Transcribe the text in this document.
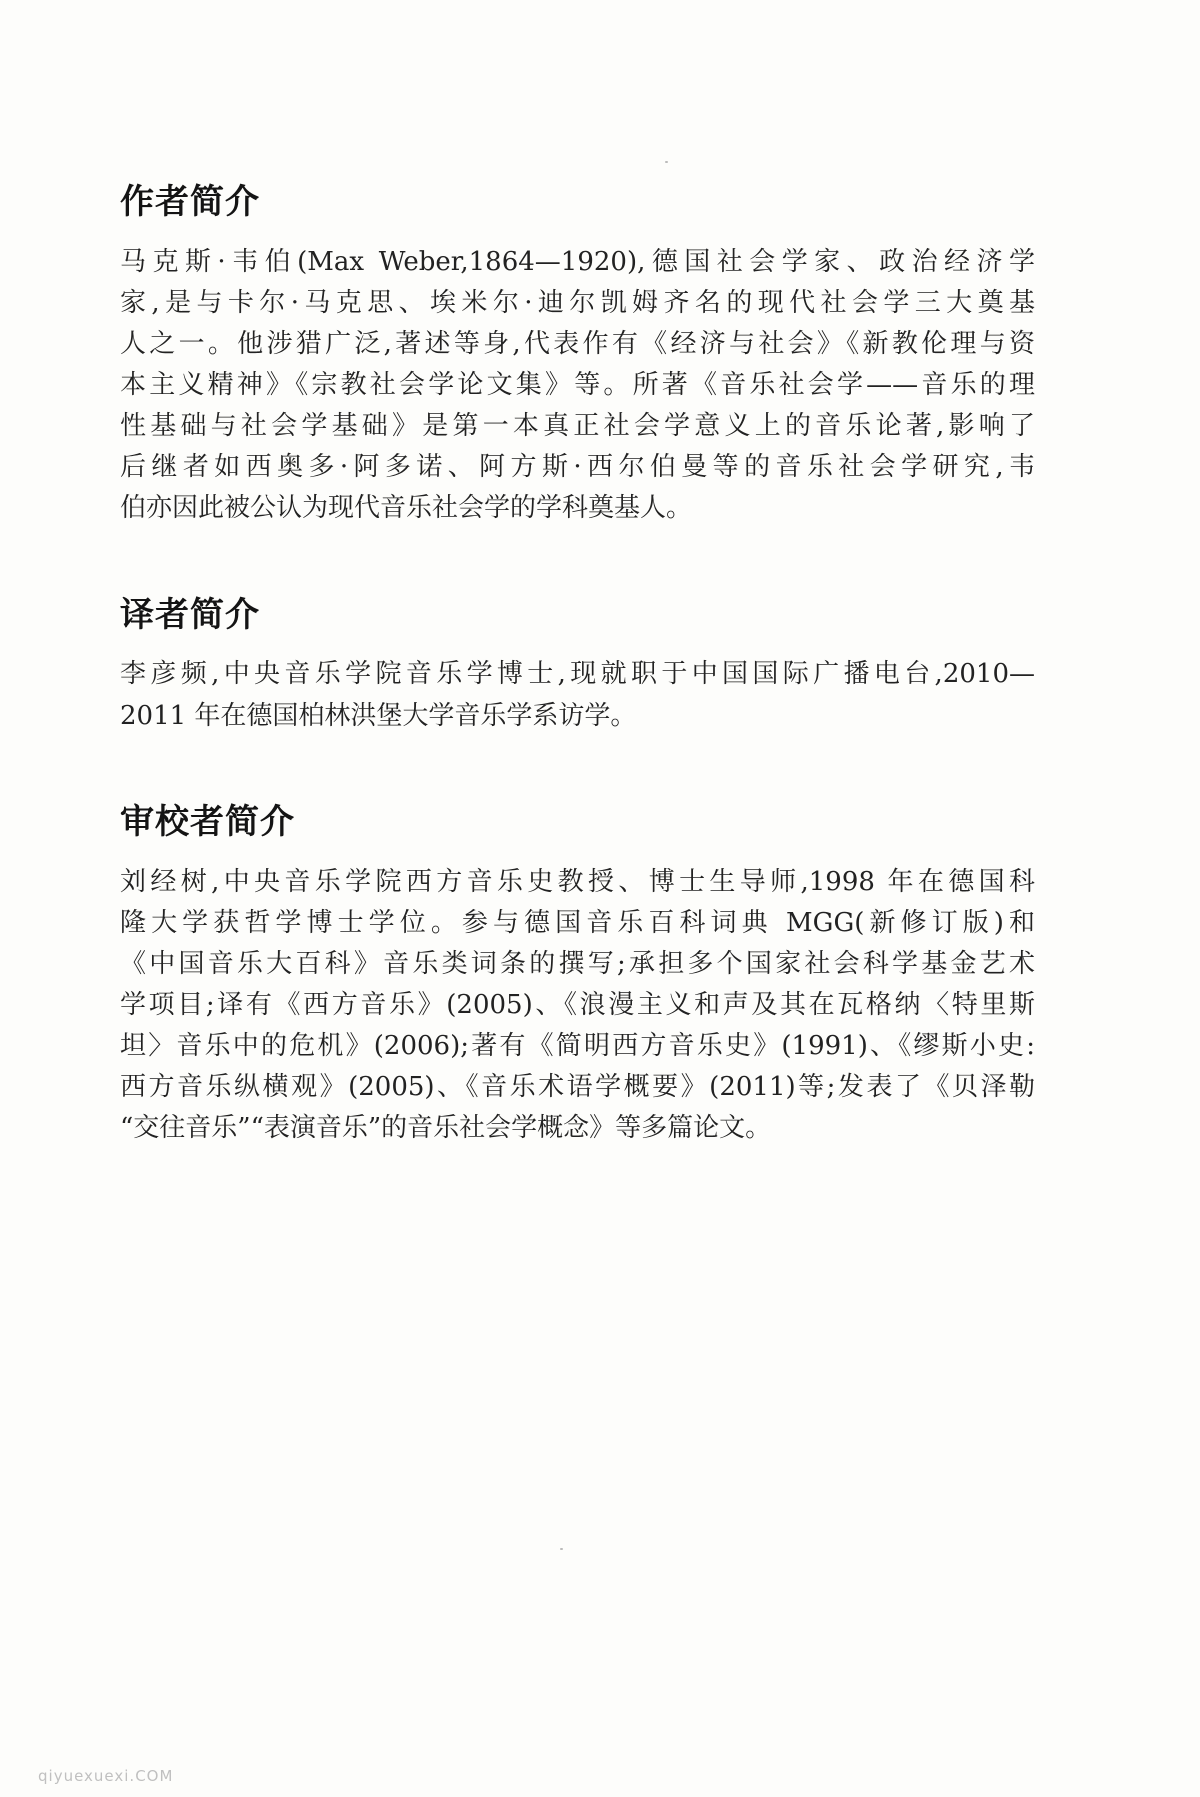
作者简介

马克斯·韦伯(Max Weber,1864—1920),德国社会学家、政治经济学

家,是与卡尔·马克思、埃米尔·迪尔凯姆齐名的现代社会学三大奠基

人之一。他涉猎广泛,著述等身,代表作有《经济与社会》《新教伦理与资

本主义精神》《宗教社会学论文集》等。所著《音乐社会学——音乐的理

性基础与社会学基础》是第一本真正社会学意义上的音乐论著,影响了

后继者如西奥多·阿多诺、阿方斯·西尔伯曼等的音乐社会学研究,韦

伯亦因此被公认为现代音乐社会学的学科奠基人。

译者简介

李彦频,中央音乐学院音乐学博士,现就职于中国国际广播电台,2010—

2011 年在德国柏林洪堡大学音乐学系访学。

审校者简介

刘经树,中央音乐学院西方音乐史教授、博士生导师,1998 年在德国科

隆大学获哲学博士学位。参与德国音乐百科词典 MGG(新修订版)和

《中国音乐大百科》音乐类词条的撰写;承担多个国家社会科学基金艺术

学项目;译有《西方音乐》(2005)、《浪漫主义和声及其在瓦格纳〈特里斯

坦〉音乐中的危机》(2006);著有《简明西方音乐史》(1991)、《缪斯小史:

西方音乐纵横观》(2005)、《音乐术语学概要》(2011)等;发表了《贝泽勒

“交往音乐”“表演音乐”的音乐社会学概念》等多篇论文。

qiyuexuexi.COM
